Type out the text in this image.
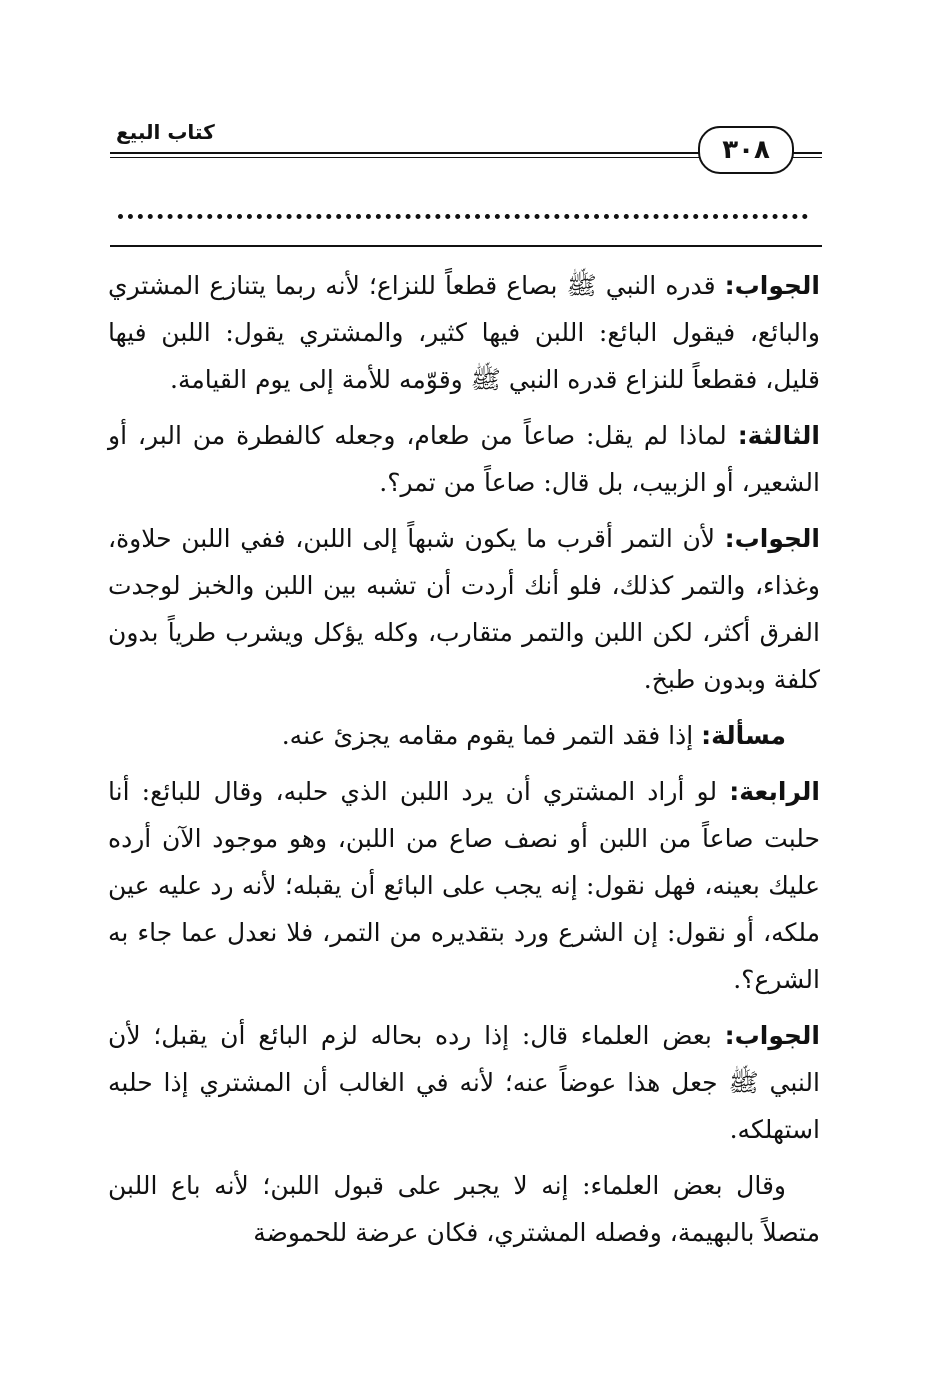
٣٠٨
كتاب البيع

الجواب: قدره النبي ﷺ بصاع قطعاً للنزاع؛ لأنه ربما يتنازع المشتري والبائع، فيقول البائع: اللبن فيها كثير، والمشتري يقول: اللبن فيها قليل، فقطعاً للنزاع قدره النبي ﷺ وقوّمه للأمة إلى يوم القيامة.

الثالثة: لماذا لم يقل: صاعاً من طعام، وجعله كالفطرة من البر، أو الشعير، أو الزبيب، بل قال: صاعاً من تمر؟.

الجواب: لأن التمر أقرب ما يكون شبهاً إلى اللبن، ففي اللبن حلاوة، وغذاء، والتمر كذلك، فلو أنك أردت أن تشبه بين اللبن والخبز لوجدت الفرق أكثر، لكن اللبن والتمر متقارب، وكله يؤكل ويشرب طرياً بدون كلفة وبدون طبخ.

مسألة: إذا فقد التمر فما يقوم مقامه يجزئ عنه.

الرابعة: لو أراد المشتري أن يرد اللبن الذي حلبه، وقال للبائع: أنا حلبت صاعاً من اللبن أو نصف صاع من اللبن، وهو موجود الآن أرده عليك بعينه، فهل نقول: إنه يجب على البائع أن يقبله؛ لأنه رد عليه عين ملكه، أو نقول: إن الشرع ورد بتقديره من التمر، فلا نعدل عما جاء به الشرع؟.

الجواب: بعض العلماء قال: إذا رده بحاله لزم البائع أن يقبل؛ لأن النبي ﷺ جعل هذا عوضاً عنه؛ لأنه في الغالب أن المشتري إذا حلبه استهلكه.

وقال بعض العلماء: إنه لا يجبر على قبول اللبن؛ لأنه باع اللبن متصلاً بالبهيمة، وفصله المشتري، فكان عرضة للحموضة
